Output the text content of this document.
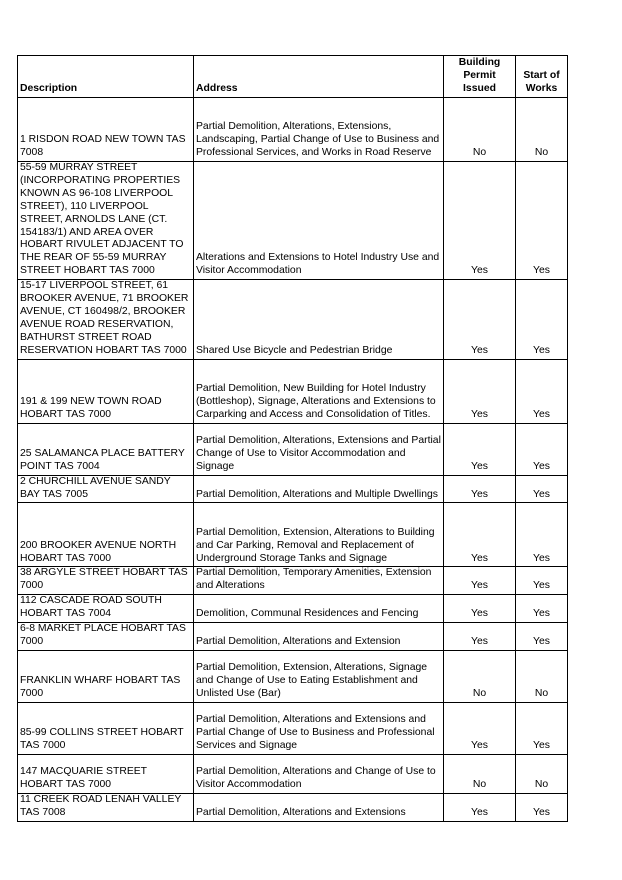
Description	Address	Building Permit Issued	Start of Works
1 RISDON ROAD NEW TOWN TAS 7008	Partial Demolition, Alterations, Extensions, Landscaping, Partial Change of Use to Business and Professional Services, and Works in Road Reserve	No	No
55-59 MURRAY STREET (INCORPORATING PROPERTIES KNOWN AS 96-108 LIVERPOOL STREET), 110 LIVERPOOL STREET, ARNOLDS LANE (CT. 154183/1) AND AREA OVER HOBART RIVULET ADJACENT TO THE REAR OF 55-59 MURRAY STREET HOBART TAS 7000	Alterations and Extensions to Hotel Industry Use and Visitor Accommodation	Yes	Yes
15-17 LIVERPOOL STREET, 61 BROOKER AVENUE, 71 BROOKER AVENUE, CT 160498/2, BROOKER AVENUE ROAD RESERVATION, BATHURST STREET ROAD RESERVATION HOBART TAS 7000	Shared Use Bicycle and Pedestrian Bridge	Yes	Yes
191 & 199 NEW TOWN ROAD HOBART TAS 7000	Partial Demolition, New Building for Hotel Industry (Bottleshop), Signage, Alterations and Extensions to Carparking and Access and Consolidation of Titles.	Yes	Yes
25 SALAMANCA PLACE BATTERY POINT TAS 7004	Partial Demolition, Alterations, Extensions and Partial Change of Use to Visitor Accommodation and Signage	Yes	Yes
2 CHURCHILL AVENUE SANDY BAY TAS 7005	Partial Demolition, Alterations and Multiple Dwellings	Yes	Yes
200 BROOKER AVENUE NORTH HOBART TAS 7000	Partial Demolition, Extension, Alterations to Building and Car Parking, Removal and Replacement of Underground Storage Tanks and Signage	Yes	Yes
38 ARGYLE STREET HOBART TAS 7000	Partial Demolition, Temporary Amenities, Extension and Alterations	Yes	Yes
112 CASCADE ROAD SOUTH HOBART TAS 7004	Demolition, Communal Residences and Fencing	Yes	Yes
6-8 MARKET PLACE HOBART TAS 7000	Partial Demolition, Alterations and Extension	Yes	Yes
FRANKLIN WHARF HOBART TAS 7000	Partial Demolition, Extension, Alterations, Signage and Change of Use to Eating Establishment and Unlisted Use (Bar)	No	No
85-99 COLLINS STREET HOBART TAS 7000	Partial Demolition, Alterations and Extensions and Partial Change of Use to Business and Professional Services and Signage	Yes	Yes
147 MACQUARIE STREET HOBART TAS 7000	Partial Demolition, Alterations and Change of Use to Visitor Accommodation	No	No
11 CREEK ROAD LENAH VALLEY TAS 7008	Partial Demolition, Alterations and Extensions	Yes	Yes
